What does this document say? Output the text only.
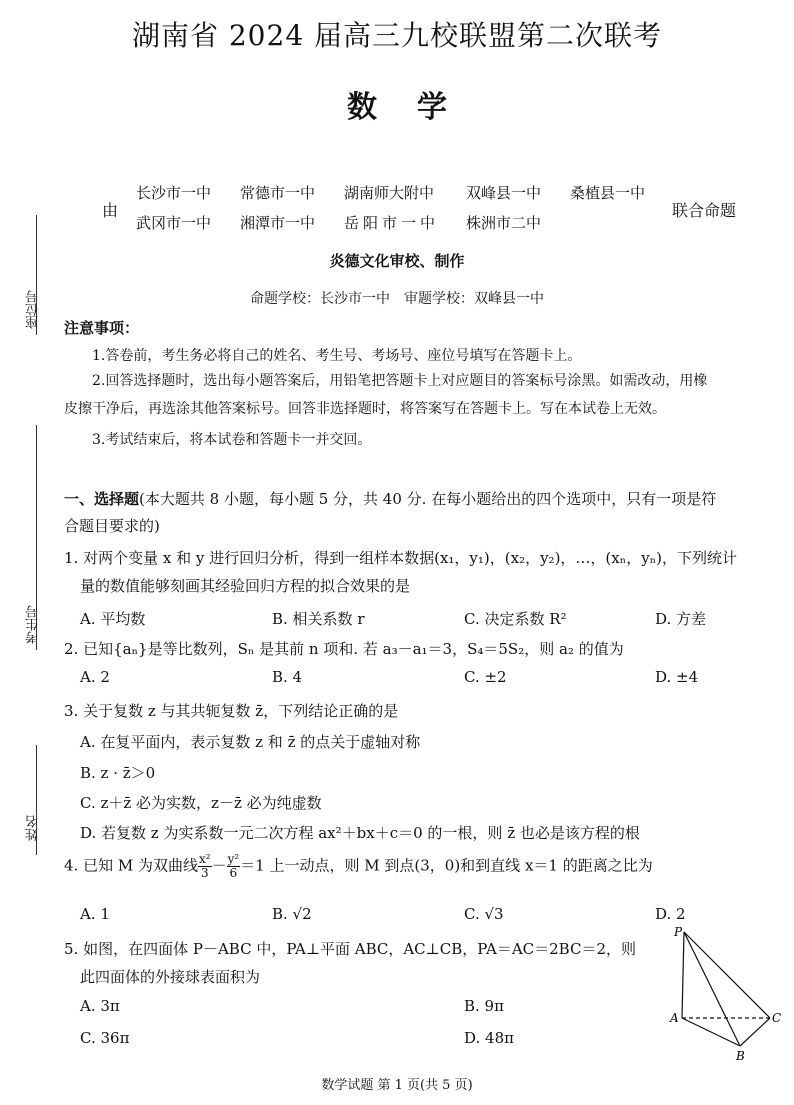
座位号
考生号
姓名
湖南省 2024 届高三九校联盟第二次联考
数学
由
长沙市一中 常德市一中 湖南师大附中 双峰县一中 桑植县一中
武冈市一中 湘潭市一中 岳阳市一中 株洲市二中
联合命题
炎德文化审校、制作
命题学校：长沙市一中　审题学校：双峰县一中
注意事项：
1.答卷前，考生务必将自己的姓名、考生号、考场号、座位号填写在答题卡上。
2.回答选择题时，选出每小题答案后，用铅笔把答题卡上对应题目的答案标号涂黑。如需改动，用橡
皮擦干净后，再选涂其他答案标号。回答非选择题时，将答案写在答题卡上。写在本试卷上无效。
3.考试结束后，将本试卷和答题卡一并交回。
一、选择题(本大题共 8 小题，每小题 5 分，共 40 分. 在每小题给出的四个选项中，只有一项是符
合题目要求的)
1. 对两个变量 x 和 y 进行回归分析，得到一组样本数据(x₁，y₁)，(x₂，y₂)，…，(xₙ，yₙ)，下列统计
量的数值能够刻画其经验回归方程的拟合效果的是
A. 平均数	B. 相关系数 r	C. 决定系数 R²	D. 方差
2. 已知{aₙ}是等比数列，Sₙ 是其前 n 项和. 若 a₃－a₁＝3，S₄＝5S₂，则 a₂ 的值为
A. 2	B. 4	C. ±2	D. ±4
3. 关于复数 z 与其共轭复数 z̄，下列结论正确的是
A. 在复平面内，表示复数 z 和 z̄ 的点关于虚轴对称
B. z · z̄＞0
C. z＋z̄ 必为实数，z－z̄ 必为纯虚数
D. 若复数 z 为实系数一元二次方程 ax²＋bx＋c＝0 的一根，则 z̄ 也必是该方程的根
4. 已知 M 为双曲线 $\frac{\text{x²}}{3} - \frac{\text{y²}}{6} =1$ 上一动点，则 M 到点(3，0)和到直线 x＝1 的距离之比为
A. 1	B. √2	C. √3	D. 2
5. 如图，在四面体 P－ABC 中，PA⊥平面 ABC，AC⊥CB，PA＝AC＝2BC＝2，则
此四面体的外接球表面积为
A. 3π	B. 9π
C. 36π	D. 48π
P
A
B
C
数学试题 第 1 页(共 5 页)
